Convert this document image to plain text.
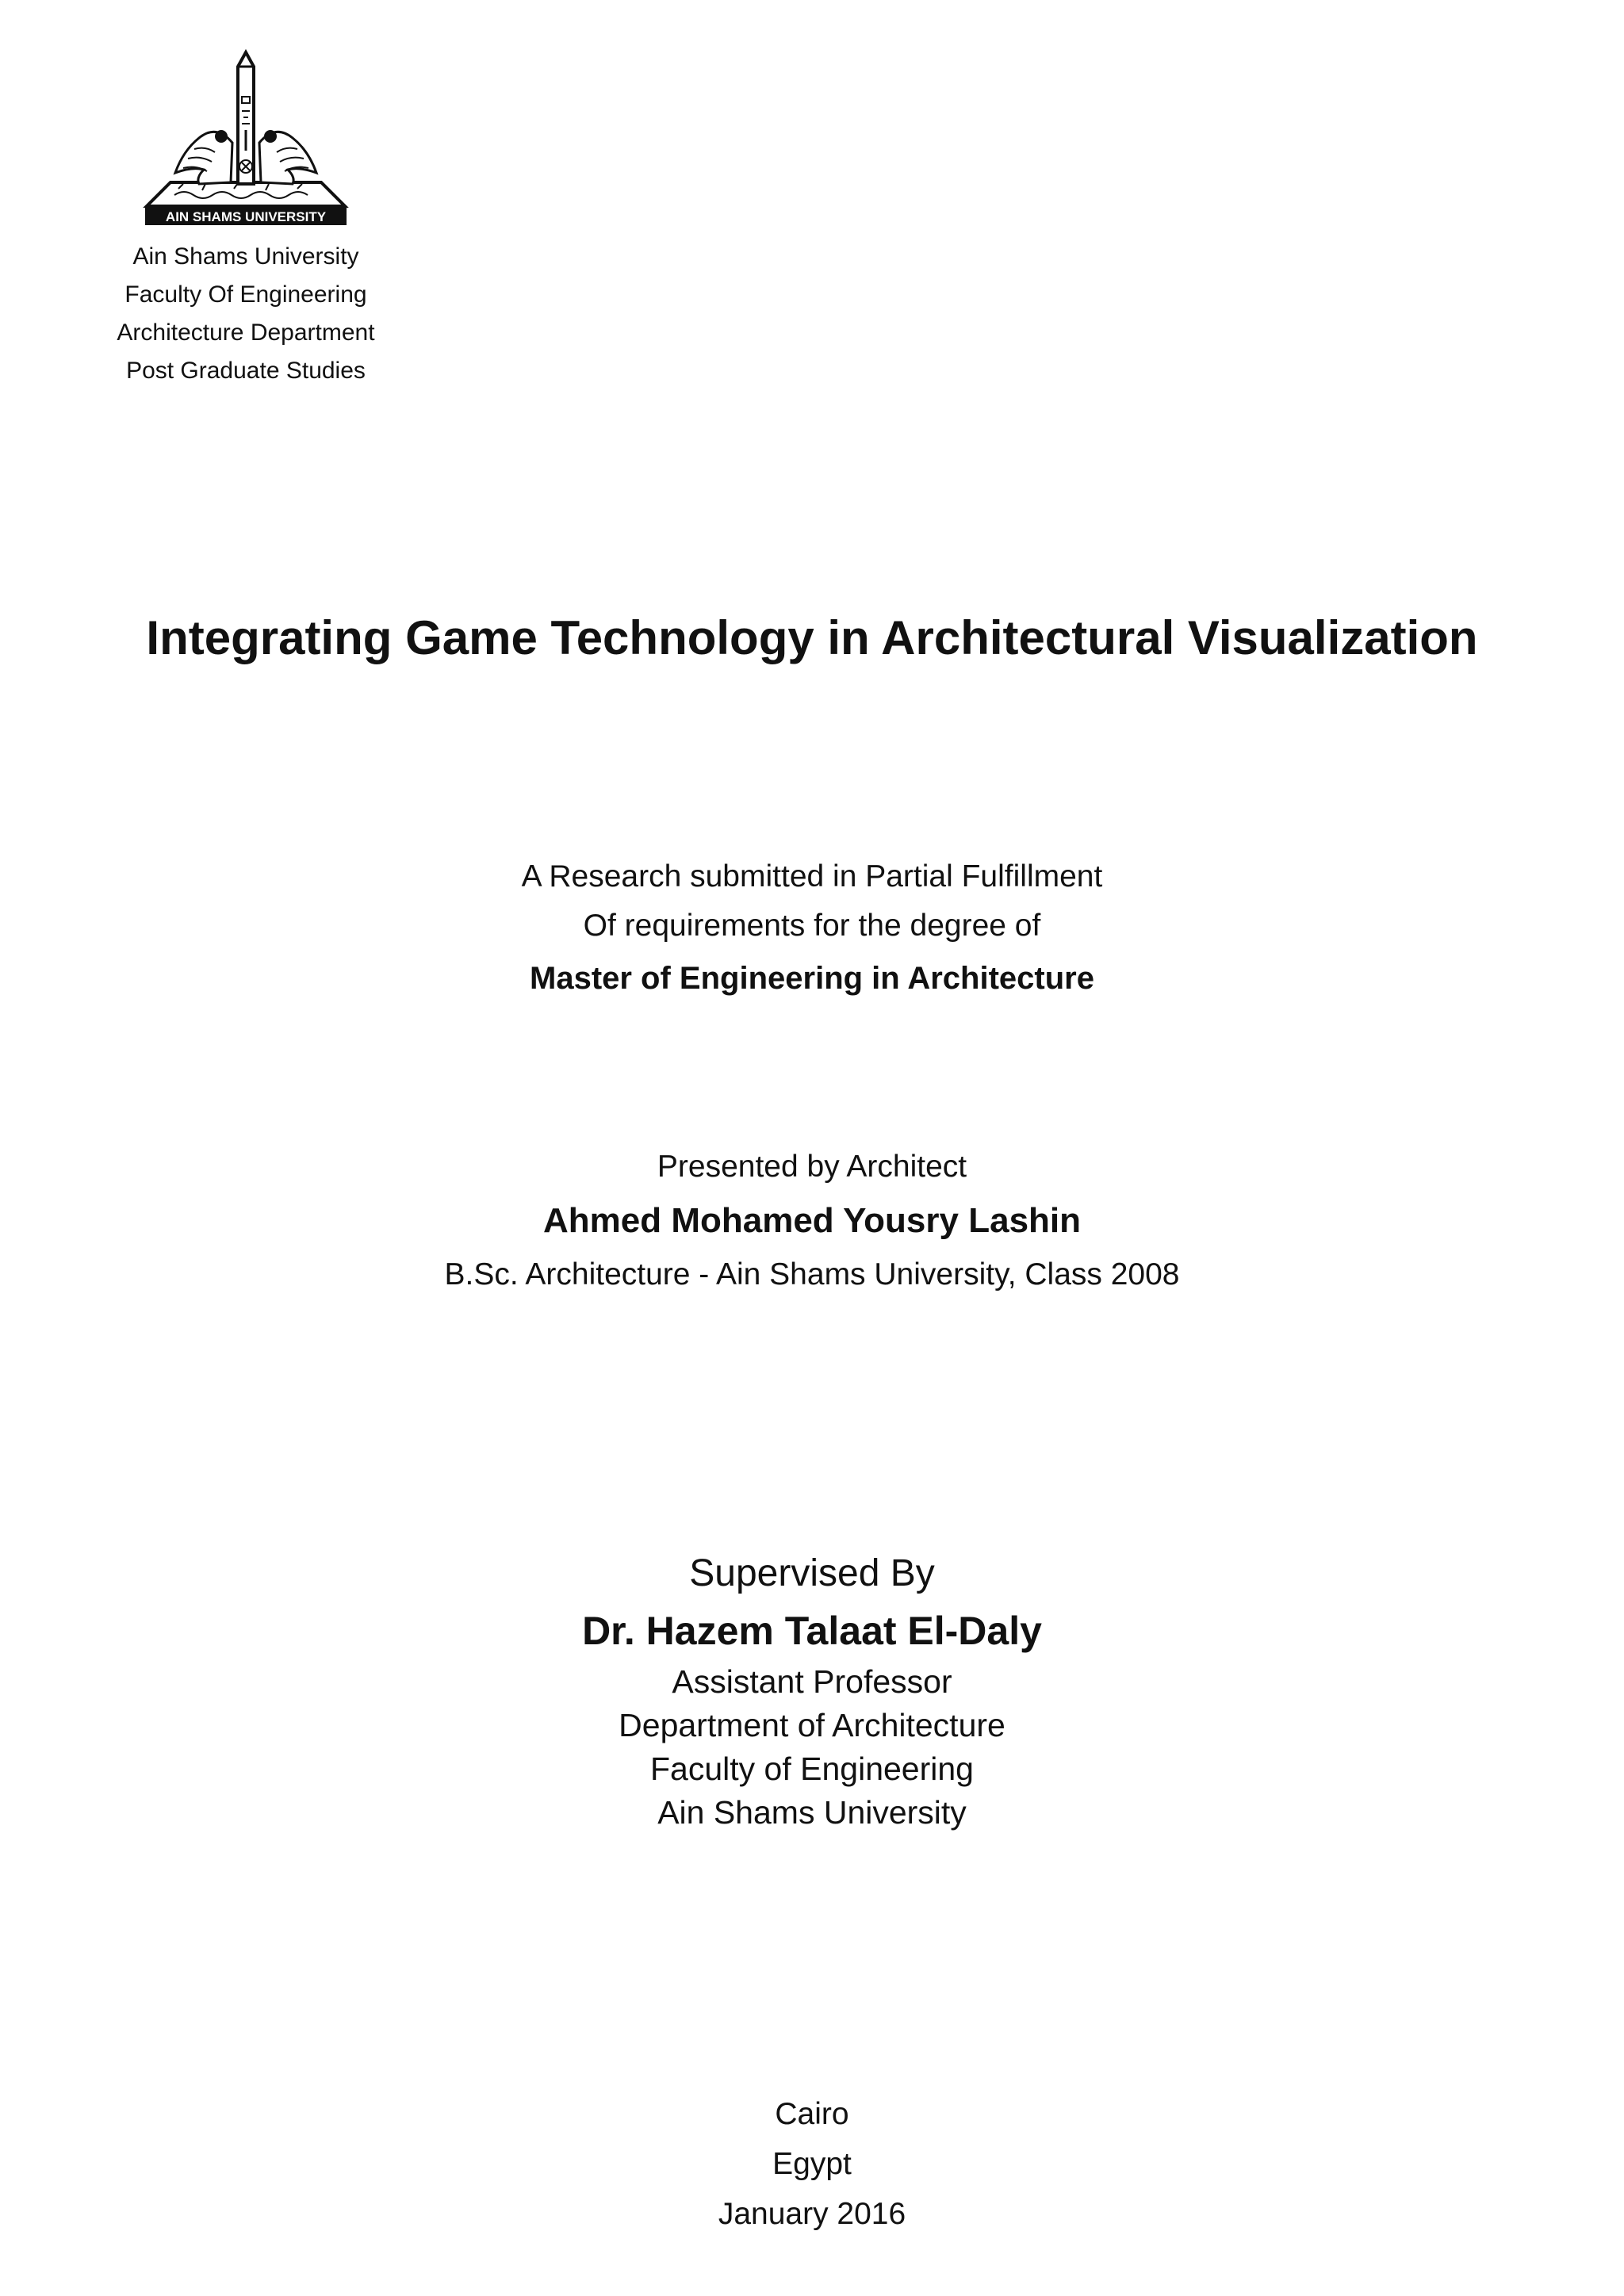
AIN SHAMS UNIVERSITY
Ain Shams University
Faculty Of Engineering
Architecture Department
Post Graduate Studies
Integrating Game Technology in Architectural Visualization
A Research submitted in Partial Fulfillment
Of requirements for the degree of
Master of Engineering in Architecture
Presented by Architect
Ahmed Mohamed Yousry Lashin
B.Sc. Architecture - Ain Shams University, Class 2008
Supervised By
Dr. Hazem Talaat El-Daly
Assistant Professor
Department of Architecture
Faculty of Engineering
Ain Shams University
Cairo
Egypt
January 2016
